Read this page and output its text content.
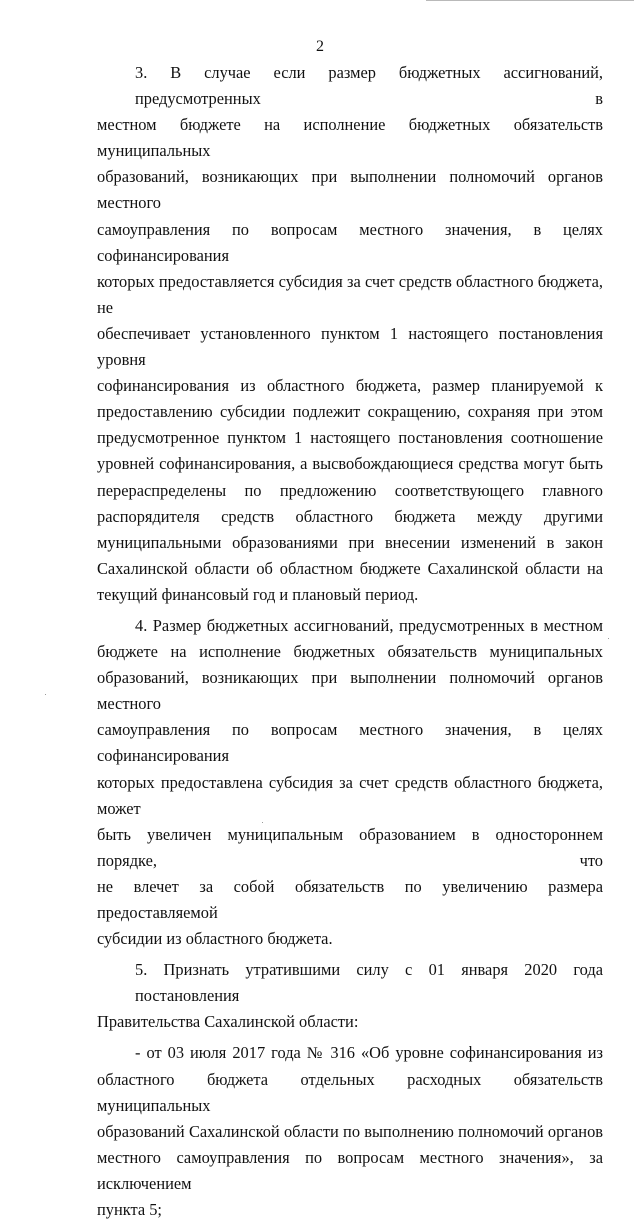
2
3. В случае если размер бюджетных ассигнований, предусмотренных в
местном бюджете на исполнение бюджетных обязательств муниципальных
образований, возникающих при выполнении полномочий органов местного
самоуправления по вопросам местного значения, в целях софинансирования
которых предоставляется субсидия за счет средств областного бюджета, не
обеспечивает установленного пунктом 1 настоящего постановления уровня
софинансирования из областного бюджета, размер планируемой к
предоставлению субсидии подлежит сокращению, сохраняя при этом
предусмотренное пунктом 1 настоящего постановления соотношение
уровней софинансирования, а высвобождающиеся средства могут быть
перераспределены по предложению соответствующего главного
распорядителя средств областного бюджета между другими
муниципальными образованиями при внесении изменений в закон
Сахалинской области об областном бюджете Сахалинской области на
текущий финансовый год и плановый период.
4. Размер бюджетных ассигнований, предусмотренных в местном
бюджете на исполнение бюджетных обязательств муниципальных
образований, возникающих при выполнении полномочий органов местного
самоуправления по вопросам местного значения, в целях софинансирования
которых предоставлена субсидия за счет средств областного бюджета, может
быть увеличен муниципальным образованием в одностороннем порядке, что
не влечет за собой обязательств по увеличению размера предоставляемой
субсидии из областного бюджета.
5. Признать утратившими силу с 01 января 2020 года постановления
Правительства Сахалинской области:
- от 03 июля 2017 года № 316 «Об уровне софинансирования из
областного бюджета отдельных расходных обязательств муниципальных
образований Сахалинской области по выполнению полномочий органов
местного самоуправления по вопросам местного значения», за исключением
пункта 5;
